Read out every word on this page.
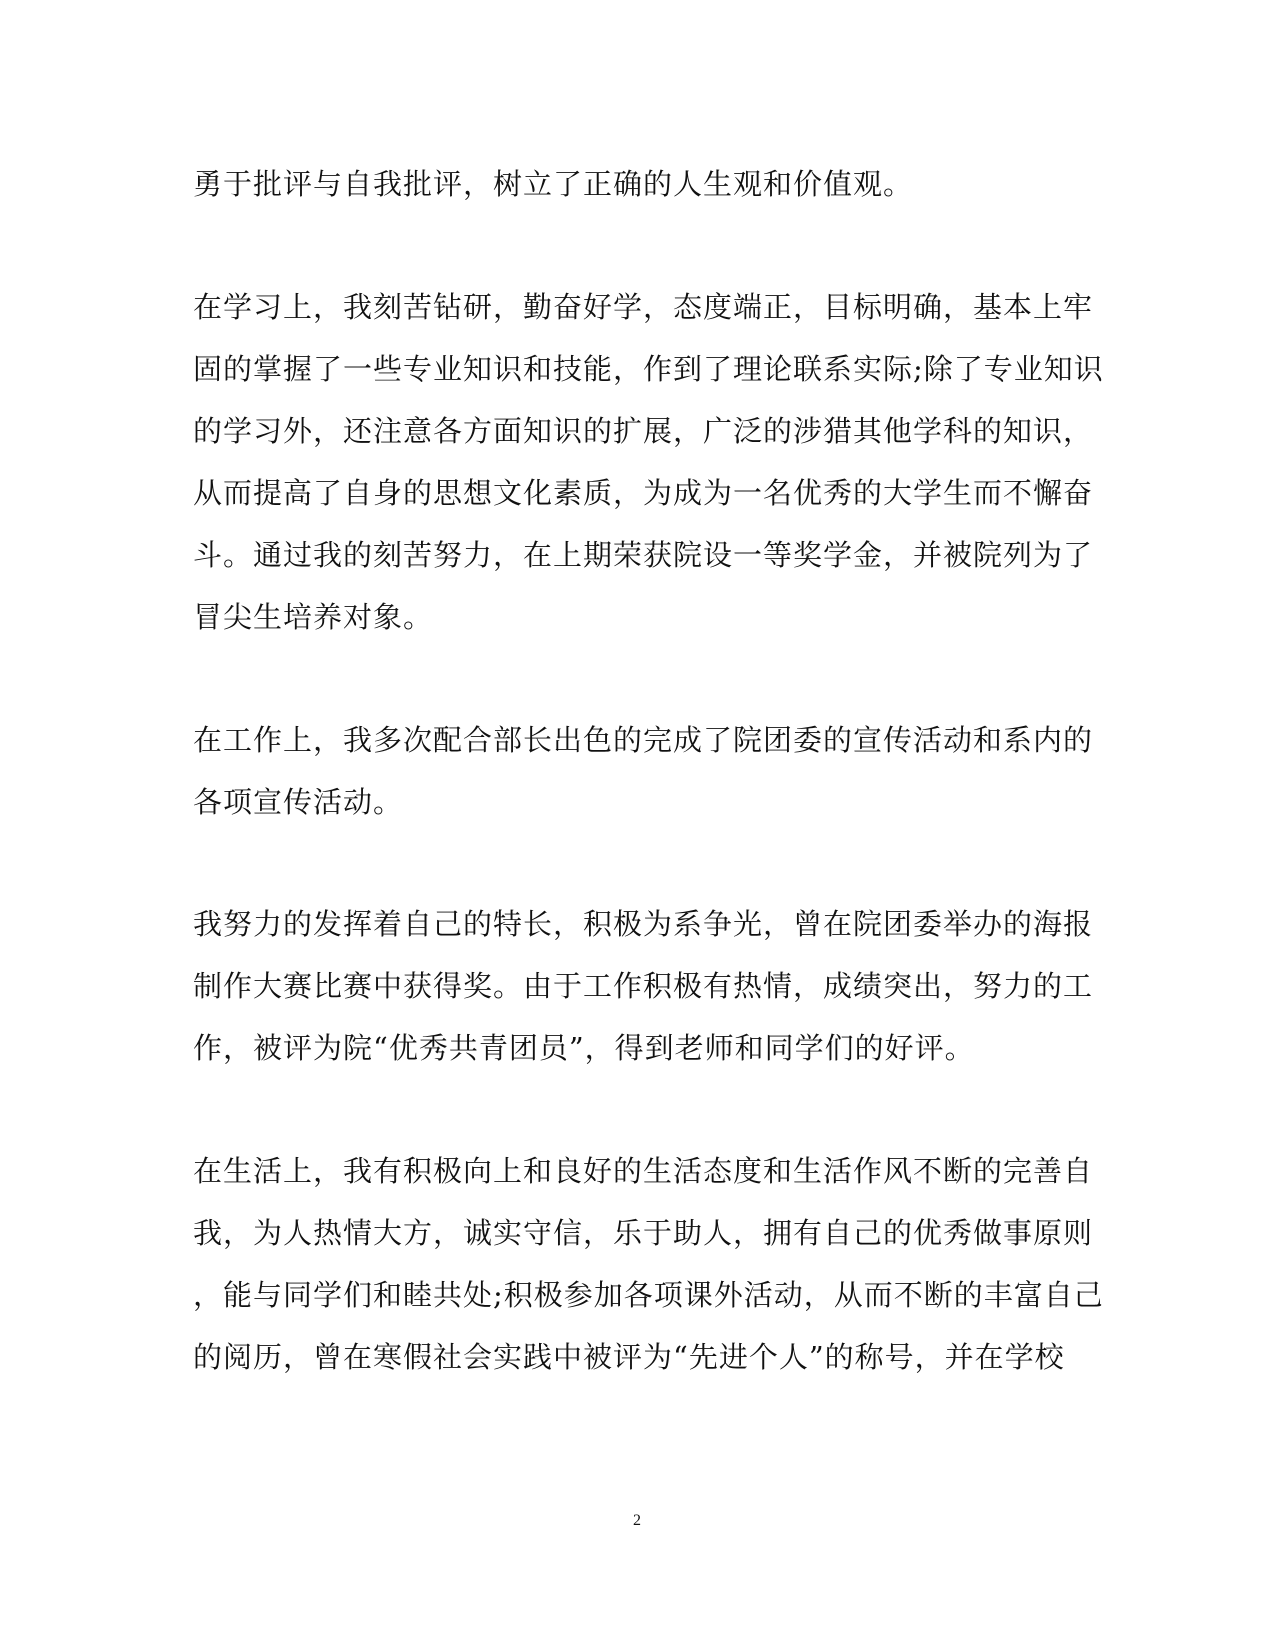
勇于批评与自我批评，树立了正确的人生观和价值观。
在学习上，我刻苦钻研，勤奋好学，态度端正，目标明确，基本上牢
固的掌握了一些专业知识和技能，作到了理论联系实际;除了专业知识
的学习外，还注意各方面知识的扩展，广泛的涉猎其他学科的知识，
从而提高了自身的思想文化素质，为成为一名优秀的大学生而不懈奋
斗。通过我的刻苦努力，在上期荣获院设一等奖学金，并被院列为了
冒尖生培养对象。
在工作上，我多次配合部长出色的完成了院团委的宣传活动和系内的
各项宣传活动。
我努力的发挥着自己的特长，积极为系争光，曾在院团委举办的海报
制作大赛比赛中获得奖。由于工作积极有热情，成绩突出，努力的工
作，被评为院“优秀共青团员”，得到老师和同学们的好评。
在生活上，我有积极向上和良好的生活态度和生活作风不断的完善自
我，为人热情大方，诚实守信，乐于助人，拥有自己的优秀做事原则
，能与同学们和睦共处;积极参加各项课外活动，从而不断的丰富自己
的阅历，曾在寒假社会实践中被评为“先进个人”的称号，并在学校
2
